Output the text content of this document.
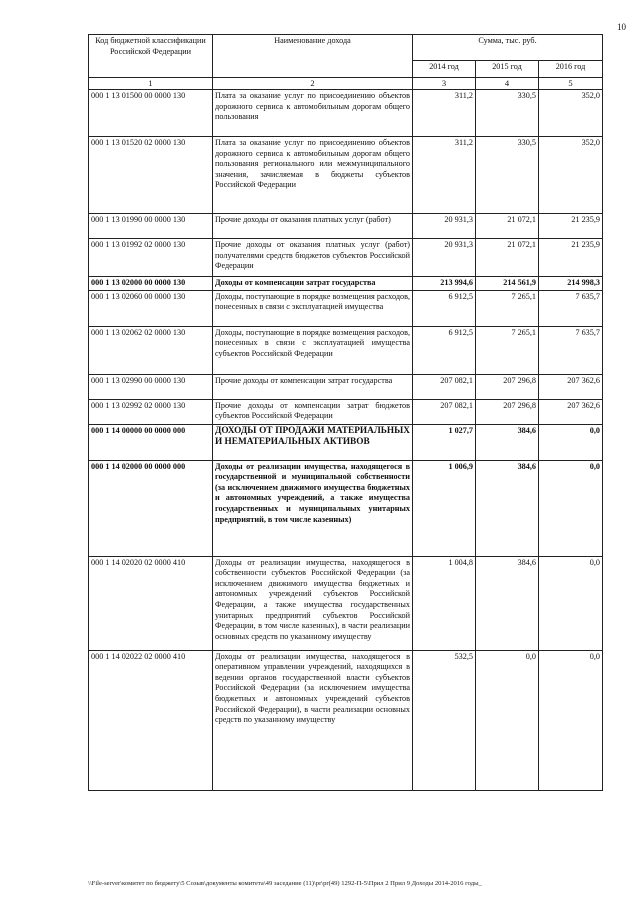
10
Код бюджетной классификации Российской Федерации	Наименование дохода	Сумма, тыс. руб.		
		2014 год	2015 год	2016 год
1	2	3	4	5
000 1 13 01500 00 0000 130	Плата за оказание услуг по присоединению объектов дорожного сервиса к автомобильным дорогам общего пользования	311,2	330,5	352,0
000 1 13 01520 02 0000 130	Плата за оказание услуг по присоединению объектов дорожного сервиса к автомобильным дорогам общего пользования регионального или межмуниципального значения, зачисляемая в бюджеты субъектов Российской Федерации	311,2	330,5	352,0
000 1 13 01990 00 0000 130	Прочие доходы от оказания платных услуг (работ)	20 931,3	21 072,1	21 235,9
000 1 13 01992 02 0000 130	Прочие доходы от оказания платных услуг (работ) получателями средств бюджетов субъектов Российской Федерации	20 931,3	21 072,1	21 235,9
000 1 13 02000 00 0000 130	Доходы от компенсации затрат государства	213 994,6	214 561,9	214 998,3
000 1 13 02060 00 0000 130	Доходы, поступающие в порядке возмещения расходов, понесенных в связи с эксплуатацией имущества	6 912,5	7 265,1	7 635,7
000 1 13 02062 02 0000 130	Доходы, поступающие в порядке возмещения расходов, понесенных в связи с эксплуатацией имущества субъектов Российской Федерации	6 912,5	7 265,1	7 635,7
000 1 13 02990 00 0000 130	Прочие доходы от компенсации затрат государства	207 082,1	207 296,8	207 362,6
000 1 13 02992 02 0000 130	Прочие доходы от компенсации затрат бюджетов субъектов Российской Федерации	207 082,1	207 296,8	207 362,6
000 1 14 00000 00 0000 000	ДОХОДЫ ОТ ПРОДАЖИ МАТЕРИАЛЬНЫХ И НЕМАТЕРИАЛЬНЫХ АКТИВОВ	1 027,7	384,6	0,0
000 1 14 02000 00 0000 000	Доходы от реализации имущества, находящегося в государственной и муниципальной собственности (за исключением движимого имущества бюджетных и автономных учреждений, а также имущества государственных и муниципальных унитарных предприятий, в том числе казенных)	1 006,9	384,6	0,0
000 1 14 02020 02 0000 410	Доходы от реализации имущества, находящегося в собственности субъектов Российской Федерации (за исключением движимого имущества бюджетных и автономных учреждений субъектов Российской Федерации, а также имущества государственных унитарных предприятий субъектов Российской Федерации, в том числе казенных), в части реализации основных средств по указанному имуществу	1 004,8	384,6	0,0
000 1 14 02022 02 0000 410	Доходы от реализации имущества, находящегося в оперативном управлении учреждений, находящихся в ведении органов государственной власти субъектов Российской Федерации (за исключением имущества бюджетных и автономных учреждений субъектов Российской Федерации), в части реализации основных средств по указанному имуществу	532,5	0,0	0,0
\\File-server\комитет по бюджету\5 Созыв\документы комитета\49 заседание (11)\pr\pr(49) 1292-П-5\Прил 2 Прил 9 Доходы 2014-2016 годы_
